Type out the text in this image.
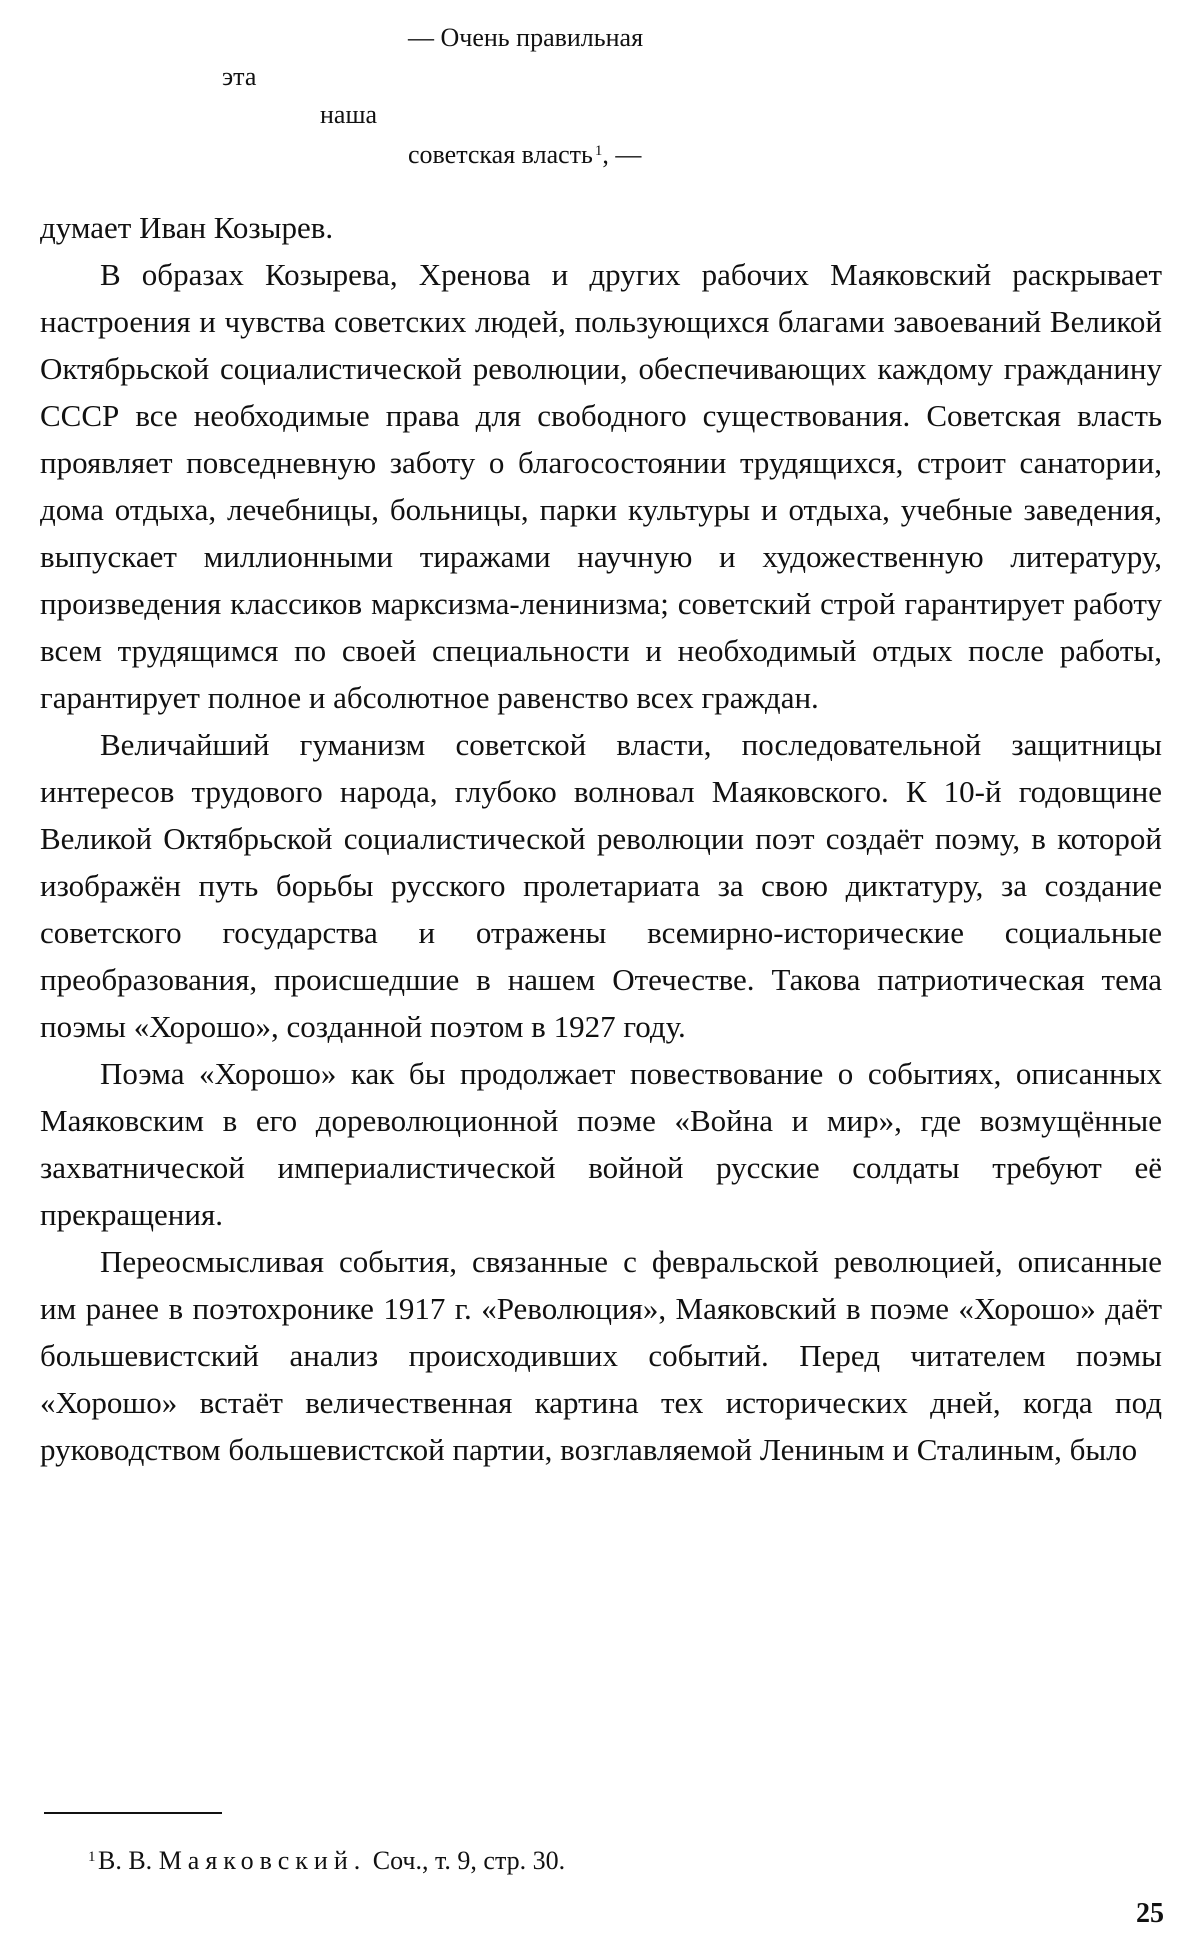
— Очень правильная
эта
наша
советская власть $^1$, —

думает Иван Козырев.

В образах Козырева, Хренова и других рабочих Маяковский раскрывает настроения и чувства советских людей, пользующихся благами завоеваний Великой Октябрьской социалистической революции, обеспечивающих каждому гражданину СССР все необходимые права для свободного существования. Советская власть проявляет повседневную заботу о благосостоянии трудящихся, строит санатории, дома отдыха, лечебницы, больницы, парки культуры и отдыха, учебные заведения, выпускает миллионными тиражами научную и художественную литературу, произведения классиков марксизма-ленинизма; советский строй гарантирует работу всем трудящимся по своей специальности и необходимый отдых после работы, гарантирует полное и абсолютное равенство всех граждан.

Величайший гуманизм советской власти, последовательной защитницы интересов трудового народа, глубоко волновал Маяковского. К 10-й годовщине Великой Октябрьской социалистической революции поэт создаёт поэму, в которой изображён путь борьбы русского пролетариата за свою диктатуру, за создание советского государства и отражены всемирно-исторические социальные преобразования, происшедшие в нашем Отечестве. Такова патриотическая тема поэмы «Хорошо», созданной поэтом в 1927 году.

Поэма «Хорошо» как бы продолжает повествование о событиях, описанных Маяковским в его дореволюционной поэме «Война и мир», где возмущённые захватнической империалистической войной русские солдаты требуют её прекращения.

Переосмысливая события, связанные с февральской революцией, описанные им ранее в поэтохронике 1917 г. «Революция», Маяковский в поэме «Хорошо» даёт большевистский анализ происходивших событий. Перед читателем поэмы «Хорошо» встаёт величественная картина тех исторических дней, когда под руководством большевистской партии, возглавляемой Лениным и Сталиным, было

1 В. В. Маяковский. Соч., т. 9, стр. 30.
25
